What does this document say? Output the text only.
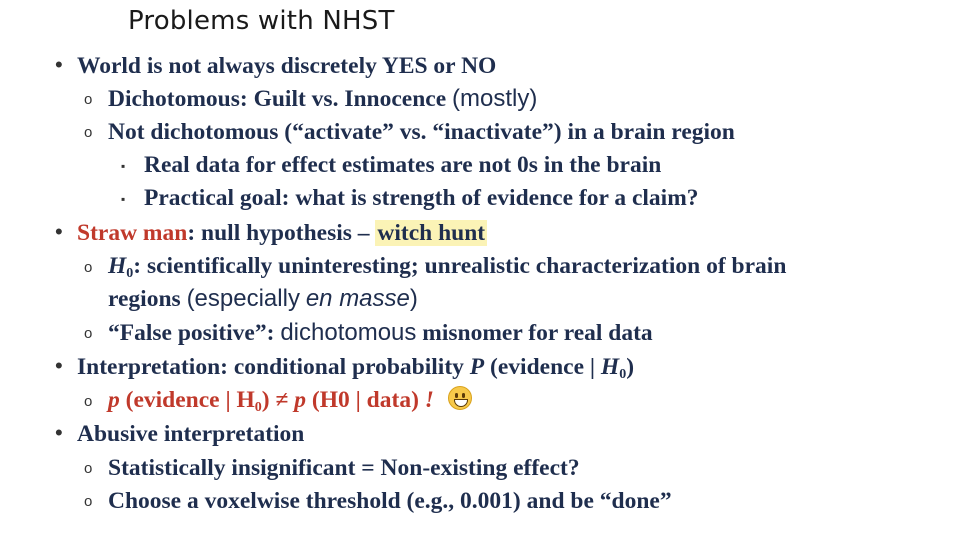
Problems with NHST
• World is not always discretely YES or NO
o Dichotomous: Guilt vs. Innocence (mostly)
o Not dichotomous (“activate” vs. “inactivate”) in a brain region
▪ Real data for effect estimates are not 0s in the brain
▪ Practical goal: what is strength of evidence for a claim?
• Straw man: null hypothesis – witch hunt
o $H_0$: scientifically uninteresting; unrealistic characterization of brain
regions (especially en masse)
o “False positive”: dichotomous misnomer for real data
• Interpretation: conditional probability P (evidence | $H_0$)
o p (evidence | $H_0) \ne p$ (H0 | data) !
• Abusive interpretation
o Statistically insignificant = Non-existing effect?
o Choose a voxelwise threshold (e.g., 0.001) and be “done”
